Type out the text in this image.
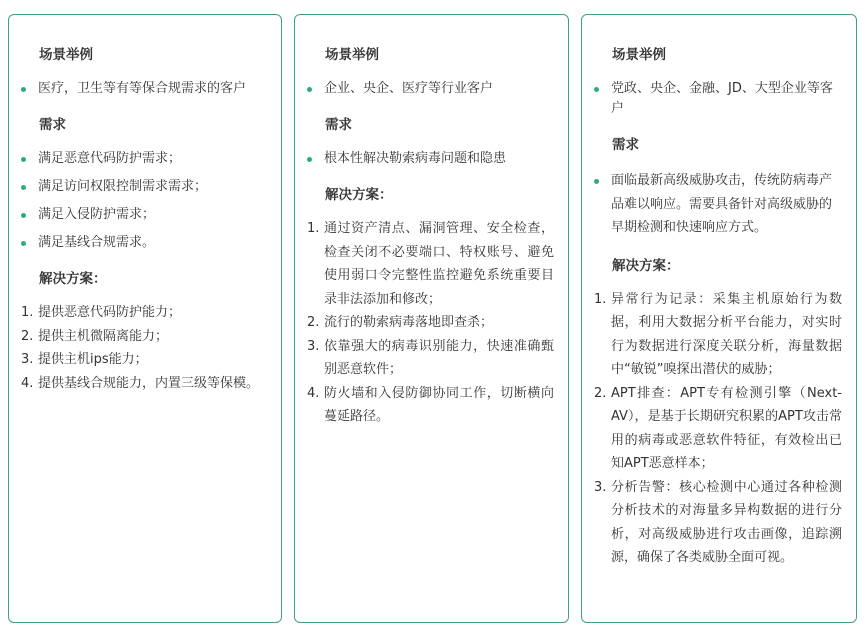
场景举例
医疗，卫生等有等保合规需求的客户
需求
满足恶意代码防护需求；
满足访问权限控制需求需求；
满足入侵防护需求；
满足基线合规需求。
解决方案：
1. 提供恶意代码防护能力；
2. 提供主机微隔离能力；
3. 提供主机ips能力；
4. 提供基线合规能力，内置三级等保模。
场景举例
企业、央企、医疗等行业客户
需求
根本性解决勒索病毒问题和隐患
解决方案：
1. 通过资产清点、漏洞管理、安全检查，检查关闭不必要端口、特权账号、避免使用弱口令完整性监控避免系统重要目录非法添加和修改；
2. 流行的勒索病毒落地即查杀；
3. 依靠强大的病毒识别能力，快速准确甄别恶意软件；
4. 防火墙和入侵防御协同工作，切断横向蔓延路径。
场景举例
党政、央企、金融、JD、大型企业等客户
需求
面临最新高级威胁攻击，传统防病毒产品难以响应。需要具备针对高级威胁的早期检测和快速响应方式。
解决方案：
1. 异常行为记录：采集主机原始行为数据，利用大数据分析平台能力，对实时行为数据进行深度关联分析，海量数据中“敏锐”嗅探出潜伏的威胁；
2. APT排查：APT专有检测引擎（Next-AV），是基于长期研究积累的APT攻击常用的病毒或恶意软件特征，有效检出已知APT恶意样本；
3. 分析告警：核心检测中心通过各种检测分析技术的对海量多异构数据的进行分析，对高级威胁进行攻击画像，追踪溯源，确保了各类威胁全面可视。
